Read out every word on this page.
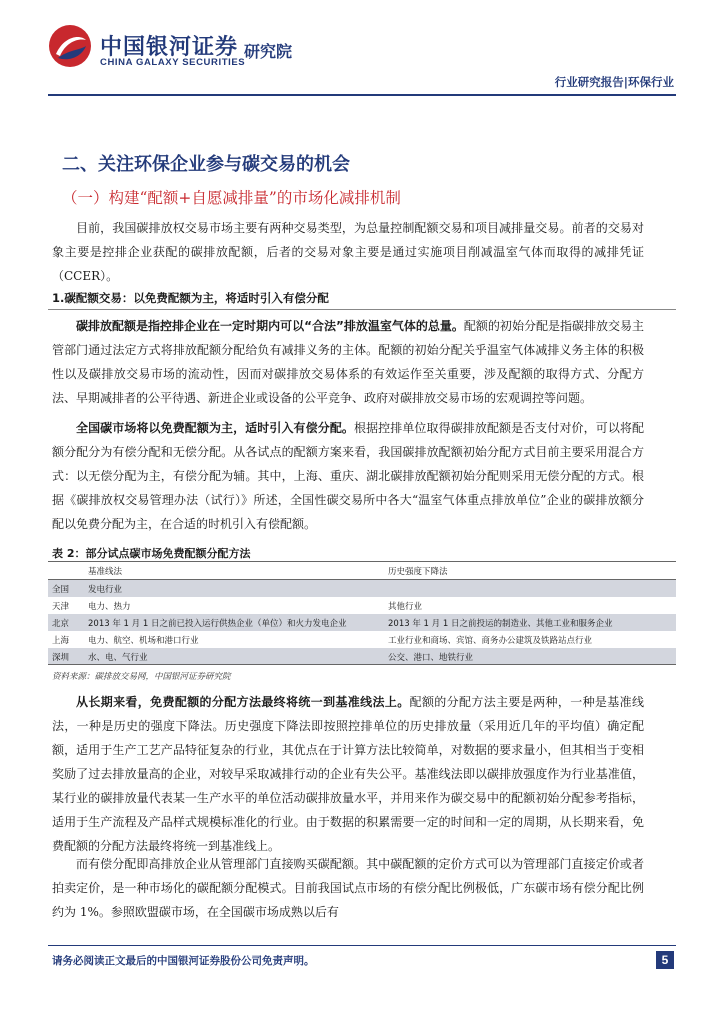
中国银河证券
CHINA GALAXY SECURITIES
研究院
行业研究报告|环保行业
二、关注环保企业参与碳交易的机会
（一）构建“配额+自愿减排量”的市场化减排机制
目前，我国碳排放权交易市场主要有两种交易类型，为总量控制配额交易和项目减排量交易。前者的交易对象主要是控排企业获配的碳排放配额，后者的交易对象主要是通过实施项目削减温室气体而取得的减排凭证（CCER）。
1.碳配额交易：以免费配额为主，将适时引入有偿分配
碳排放配额是指控排企业在一定时期内可以“合法”排放温室气体的总量。配额的初始分配是指碳排放交易主管部门通过法定方式将排放配额分配给负有减排义务的主体。配额的初始分配关乎温室气体减排义务主体的积极性以及碳排放交易市场的流动性，因而对碳排放交易体系的有效运作至关重要，涉及配额的取得方式、分配方法、早期减排者的公平待遇、新进企业或设备的公平竞争、政府对碳排放交易市场的宏观调控等问题。
全国碳市场将以免费配额为主，适时引入有偿分配。根据控排单位取得碳排放配额是否支付对价，可以将配额分配分为有偿分配和无偿分配。从各试点的配额方案来看，我国碳排放配额初始分配方式目前主要采用混合方式：以无偿分配为主，有偿分配为辅。其中，上海、重庆、湖北碳排放配额初始分配则采用无偿分配的方式。根据《碳排放权交易管理办法（试行）》所述，全国性碳交易所中各大“温室气体重点排放单位”企业的碳排放额分配以免费分配为主，在合适的时机引入有偿配额。
表 2：部分试点碳市场免费配额分配方法
	基准线法	历史强度下降法
全国	发电行业	
天津	电力、热力	其他行业
北京	2013 年 1 月 1 日之前已投入运行供热企业（单位）和火力发电企业	2013 年 1 月 1 日之前投运的制造业、其他工业和服务企业
上海	电力、航空、机场和港口行业	工业行业和商场、宾馆、商务办公建筑及铁路站点行业
深圳	水、电、气行业	公交、港口、地铁行业
资料来源：碳排放交易网，中国银河证券研究院
从长期来看，免费配额的分配方法最终将统一到基准线法上。配额的分配方法主要是两种，一种是基准线法，一种是历史的强度下降法。历史强度下降法即按照控排单位的历史排放量（采用近几年的平均值）确定配额，适用于生产工艺产品特征复杂的行业，其优点在于计算方法比较简单，对数据的要求量小，但其相当于变相奖励了过去排放量高的企业，对较早采取减排行动的企业有失公平。基准线法即以碳排放强度作为行业基准值，某行业的碳排放量代表某一生产水平的单位活动碳排放量水平，并用来作为碳交易中的配额初始分配参考指标，适用于生产流程及产品样式规模标准化的行业。由于数据的积累需要一定的时间和一定的周期，从长期来看，免费配额的分配方法最终将统一到基准线上。
而有偿分配即高排放企业从管理部门直接购买碳配额。其中碳配额的定价方式可以为管理部门直接定价或者拍卖定价，是一种市场化的碳配额分配模式。目前我国试点市场的有偿分配比例极低，广东碳市场有偿分配比例约为 1%。参照欧盟碳市场，在全国碳市场成熟以后有
请务必阅读正文最后的中国银河证券股份公司免责声明。	5
